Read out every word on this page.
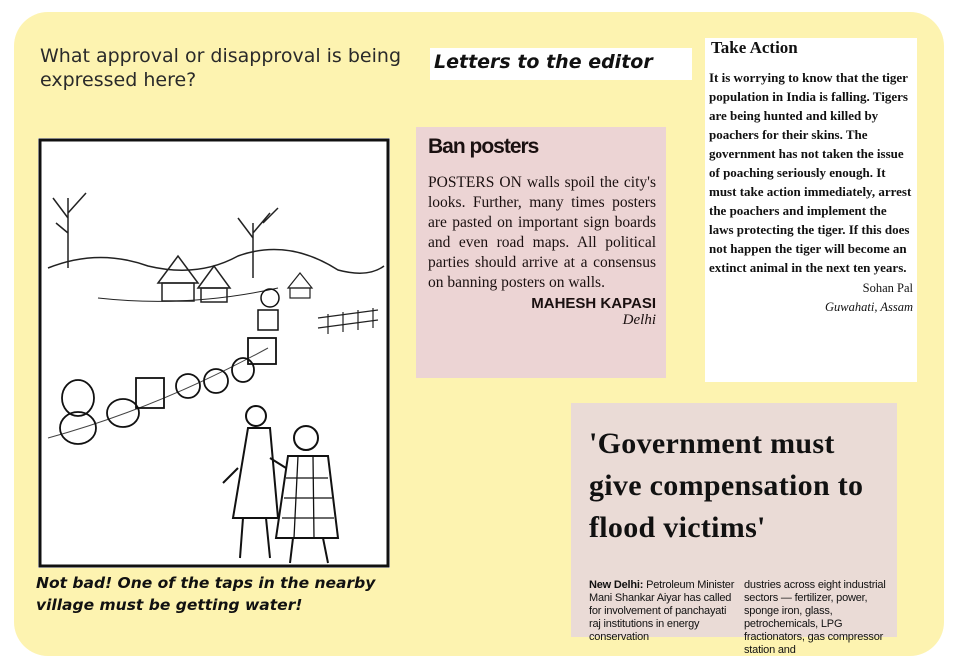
What approval or disapproval is being expressed here?
Letters to the editor
Not bad! One of the taps in the nearby village must be getting water!
Ban posters
POSTERS ON walls spoil the city's looks. Further, many times posters are pasted on important sign boards and even road maps. All political parties should arrive at a consensus on banning posters on walls.
MAHESH KAPASI
Delhi
Take Action
It is worrying to know that the tiger population in India is falling. Tigers are being hunted and killed by poachers for their skins. The government has not taken the issue of poaching seriously enough. It must take action immediately, arrest the poachers and implement the laws protecting the tiger. If this does not happen the tiger will become an extinct animal in the next ten years.
Sohan Pal
Guwahati, Assam
'Government must give compensation to flood victims'
New Delhi: Petroleum Minister Mani Shankar Aiyar has called for involvement of panchayati raj institutions in energy conservation
dustries across eight industrial sectors — fertilizer, power, sponge iron, glass, petrochemicals, LPG fractionators, gas compressor station and
